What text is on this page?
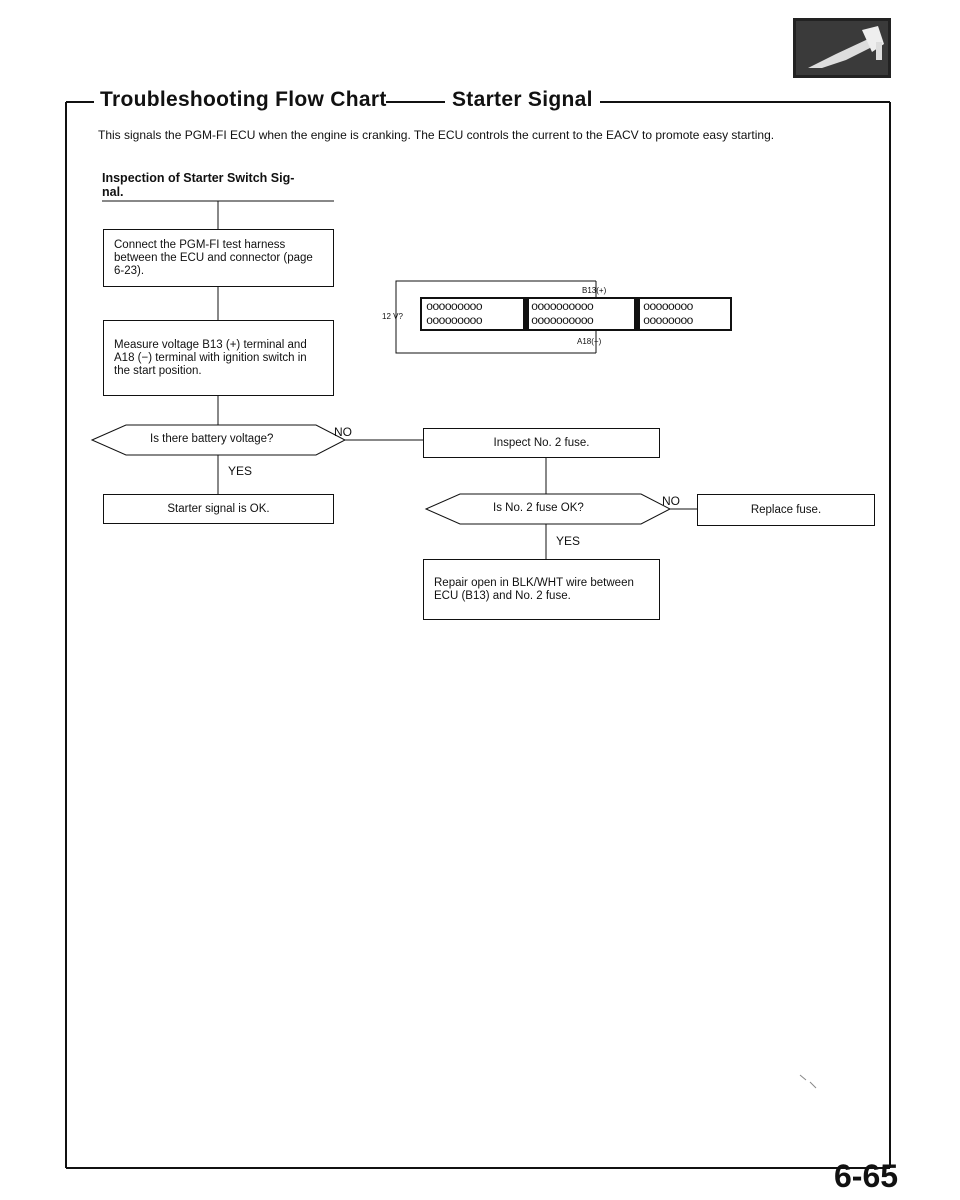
Troubleshooting Flow Chart	Starter Signal
This signals the PGM-FI ECU when the engine is cranking. The ECU controls the current to the EACV to promote easy starting.
Inspection of Starter Switch Sig-
nal.
Connect the PGM-FI test harness between the ECU and connector (page 6-23).
Measure voltage B13 (+) terminal and A18 (−) terminal with ignition switch in the start position.
Is there battery voltage?	NO
YES
Starter signal is OK.
Inspect No. 2 fuse.
Is No. 2 fuse OK?	NO
YES
Replace fuse.
Repair open in BLK/WHT wire between ECU (B13) and No. 2 fuse.
B13(+)
A18(−)
12 V?
ooooooooo	oooooooooo	oooooooo
ooooooooo	oooooooooo	oooooooo
6-65
